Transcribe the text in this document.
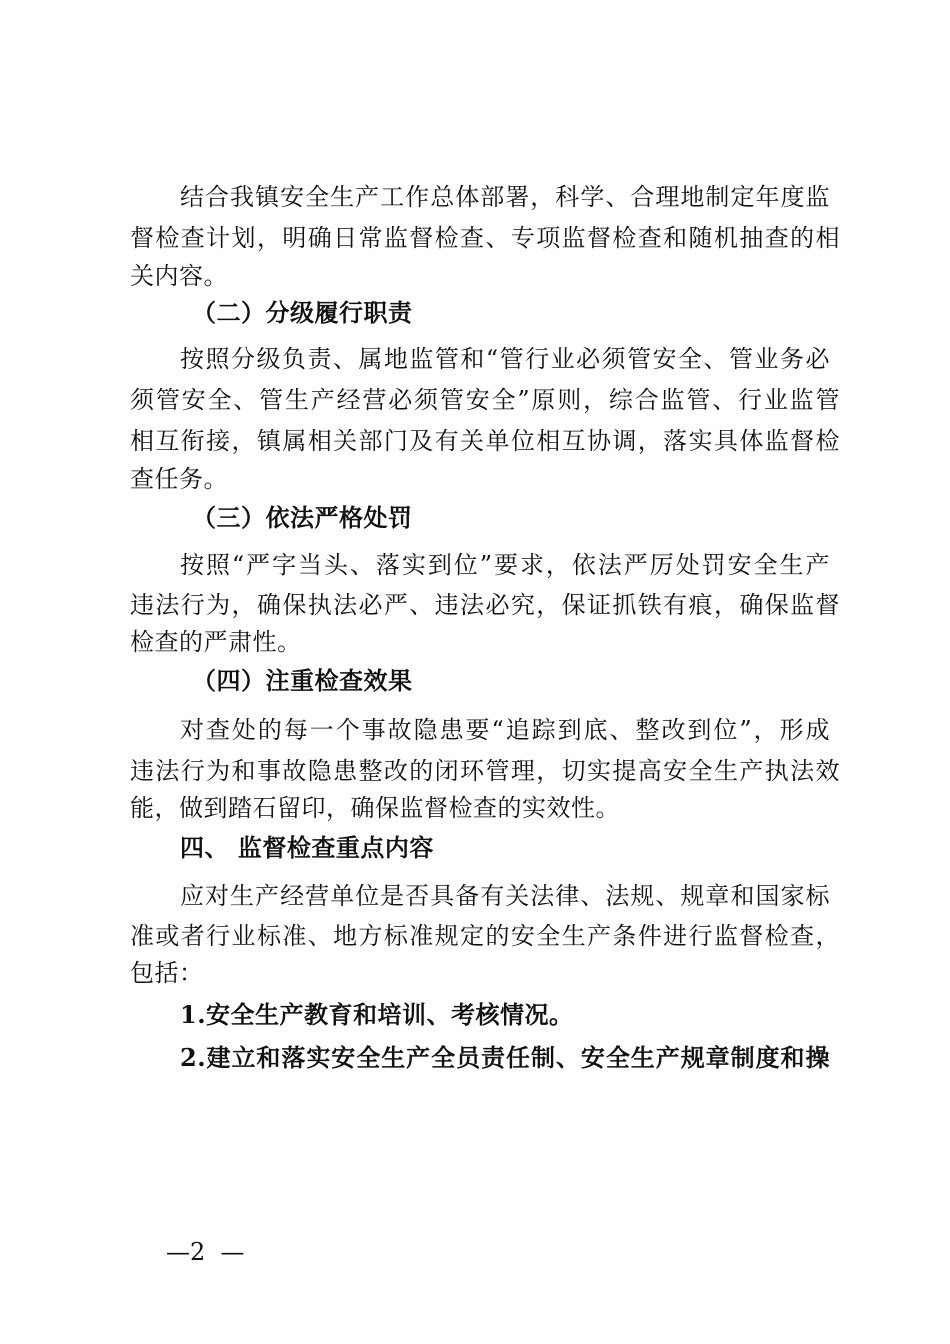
结合我镇安全生产工作总体部署，科学、合理地制定年度监
督检查计划，明确日常监督检查、专项监督检查和随机抽查的相
关内容。
（二）分级履行职责
按照分级负责、属地监管和“管行业必须管安全、管业务必
须管安全、管生产经营必须管安全”原则，综合监管、行业监管
相互衔接，镇属相关部门及有关单位相互协调，落实具体监督检
查任务。
（三）依法严格处罚
按照“严字当头、落实到位”要求，依法严厉处罚安全生产
违法行为，确保执法必严、违法必究，保证抓铁有痕，确保监督
检查的严肃性。
（四）注重检查效果
对查处的每一个事故隐患要“追踪到底、整改到位”，形成
违法行为和事故隐患整改的闭环管理，切实提高安全生产执法效
能，做到踏石留印，确保监督检查的实效性。
四、 监督检查重点内容
应对生产经营单位是否具备有关法律、法规、规章和国家标
准或者行业标准、地方标准规定的安全生产条件进行监督检查，
包括：
1.安全生产教育和培训、考核情况。
2.建立和落实安全生产全员责任制、安全生产规章制度和操
—2  —
